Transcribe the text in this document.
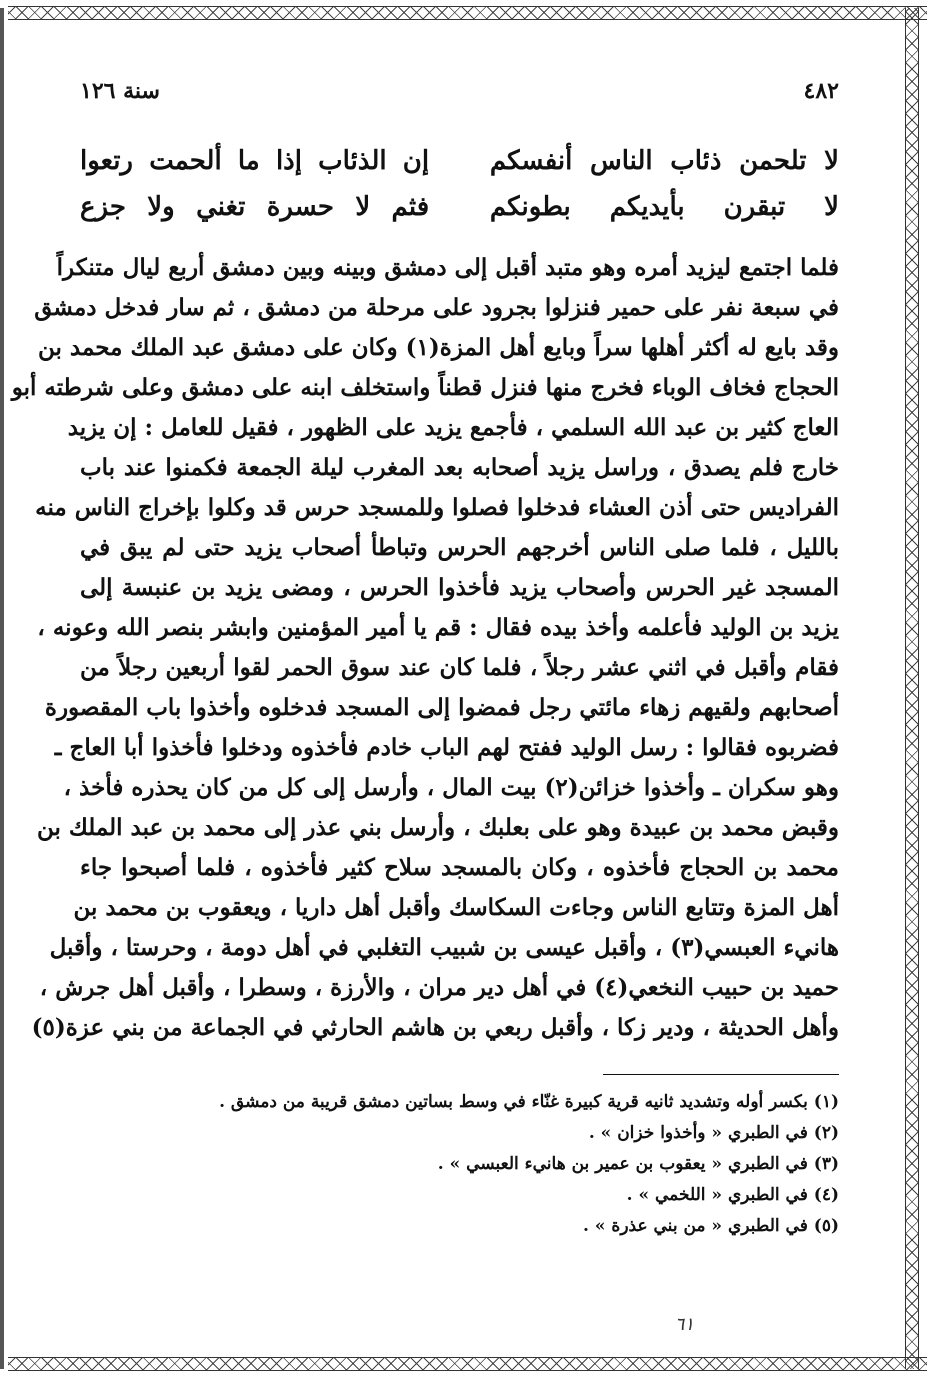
٤٨٢
سنة ١٢٦
لا تلحمن ذئاب الناس أنفسكم
إن الذئاب إذا ما ألحمت رتعوا
لا تبقرن بأيديكم بطونكم
فثم لا حسرة تغني ولا جزع
فلما اجتمع ليزيد أمره وهو متبد أقبل إلى دمشق وبينه وبين دمشق أربع ليال متنكراً
في سبعة نفر على حمير فنزلوا بجرود على مرحلة من دمشق ، ثم سار فدخل دمشق
وقد بايع له أكثر أهلها سراً وبايع أهل المزة(١) وكان على دمشق عبد الملك محمد بن
الحجاج فخاف الوباء فخرج منها فنزل قطناً واستخلف ابنه على دمشق وعلى شرطته أبو
العاج كثير بن عبد الله السلمي ، فأجمع يزيد على الظهور ، فقيل للعامل : إن يزيد
خارج فلم يصدق ، وراسل يزيد أصحابه بعد المغرب ليلة الجمعة فكمنوا عند باب
الفراديس حتى أذن العشاء فدخلوا فصلوا وللمسجد حرس قد وكلوا بإخراج الناس منه
بالليل ، فلما صلى الناس أخرجهم الحرس وتباطأ أصحاب يزيد حتى لم يبق في
المسجد غير الحرس وأصحاب يزيد فأخذوا الحرس ، ومضى يزيد بن عنبسة إلى
يزيد بن الوليد فأعلمه وأخذ بيده فقال : قم يا أمير المؤمنين وابشر بنصر الله وعونه ،
فقام وأقبل في اثني عشر رجلاً ، فلما كان عند سوق الحمر لقوا أربعين رجلاً من
أصحابهم ولقيهم زهاء مائتي رجل فمضوا إلى المسجد فدخلوه وأخذوا باب المقصورة
فضربوه فقالوا : رسل الوليد ففتح لهم الباب خادم فأخذوه ودخلوا فأخذوا أبا العاج ـ
وهو سكران ـ وأخذوا خزائن(٢) بيت المال ، وأرسل إلى كل من كان يحذره فأخذ ،
وقبض محمد بن عبيدة وهو على بعلبك ، وأرسل بني عذر إلى محمد بن عبد الملك بن
محمد بن الحجاج فأخذوه ، وكان بالمسجد سلاح كثير فأخذوه ، فلما أصبحوا جاء
أهل المزة وتتابع الناس وجاءت السكاسك وأقبل أهل داريا ، ويعقوب بن محمد بن
هانيء العبسي(٣) ، وأقبل عيسى بن شبيب التغلبي في أهل دومة ، وحرستا ، وأقبل
حميد بن حبيب النخعي(٤) في أهل دير مران ، والأرزة ، وسطرا ، وأقبل أهل جرش ،
وأهل الحديثة ، ودير زكا ، وأقبل ربعي بن هاشم الحارثي في الجماعة من بني عزة(٥)
(١) بكسر أوله وتشديد ثانيه قرية كبيرة غنّاء في وسط بساتين دمشق قريبة من دمشق .
(٢) في الطبري « وأخذوا خزان » .
(٣) في الطبري « يعقوب بن عمير بن هانيء العبسي » .
(٤) في الطبري « اللخمي » .
(٥) في الطبري « من بني عذرة » .
٦١
